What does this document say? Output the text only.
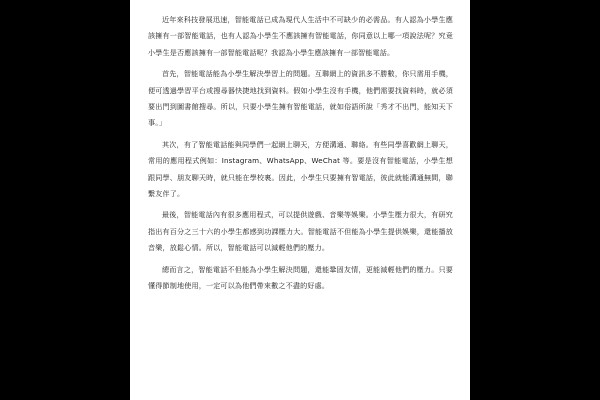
近年來科技發展迅速，智能電話已成為現代人生活中不可缺少的必需品。有人認為小學生應該擁有一部智能電話，也有人認為小學生不應該擁有智能電話，你同意以上哪一項說法呢？究竟小學生是否應該擁有一部智能電話呢？我認為小學生應該擁有一部智能電話。

首先，智能電話能為小學生解決學習上的問題。互聯網上的資訊多不勝數，你只需用手機，便可透過學習平台或搜尋器快捷地找到資料。假如小學生沒有手機，他們需要找資料時，就必須要出門到圖書館搜尋。所以，只要小學生擁有智能電話，就如俗語所說「秀才不出門，能知天下事。」

其次，有了智能電話能與同學們一起網上聊天，方便溝通、聯絡。有些同學喜歡網上聊天，常用的應用程式例如：Instagram、WhatsApp、WeChat 等。要是沒有智能電話，小學生想跟同學、朋友聊天時，就只能在學校裏。因此，小學生只要擁有智電話，彼此就能溝通無間，聯繫友伴了。

最後，智能電話內有很多應用程式，可以提供遊戲、音樂等娛樂。小學生壓力很大，有研究指出有百分之三十六的小學生都感到功課壓力大。智能電話不但能為小學生提供娛樂，還能播放音樂，放鬆心情。所以，智能電話可以減輕他們的壓力。

總而言之，智能電話不但能為小學生解決問題，還能鞏固友情，更能減輕他們的壓力。只要懂得節制地使用，一定可以為他們帶來數之不盡的好處。
